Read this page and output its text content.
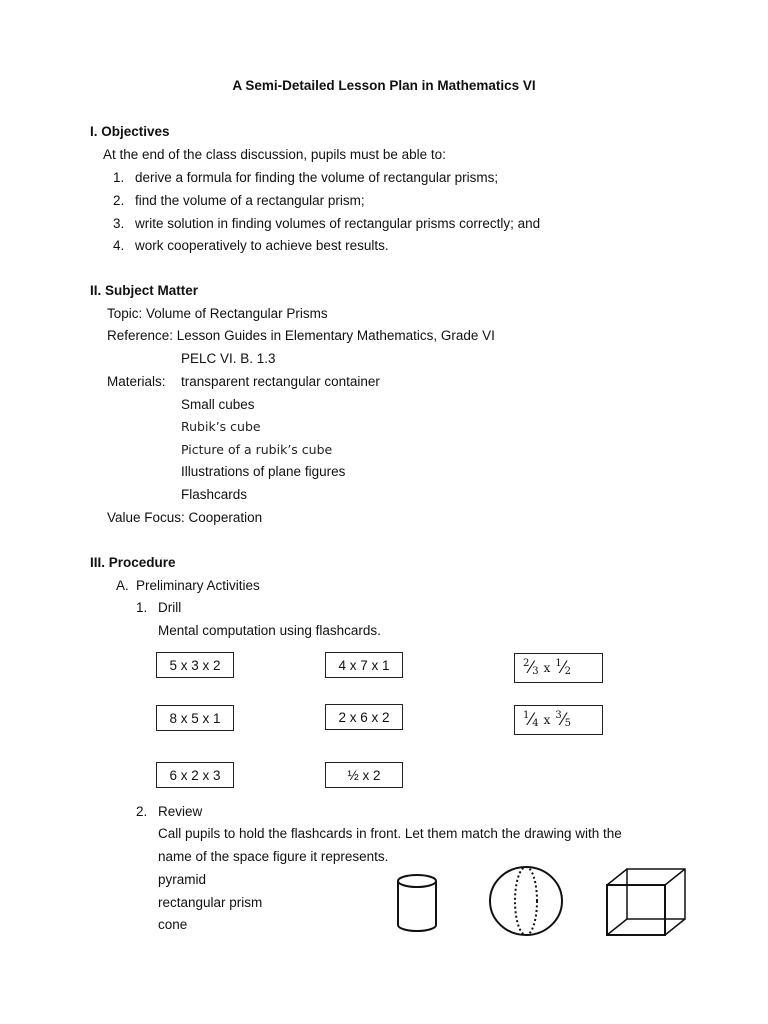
A Semi-Detailed Lesson Plan in Mathematics VI
I. Objectives
At the end of the class discussion, pupils must be able to:
1. derive a formula for finding the volume of rectangular prisms;
2. find the volume of a rectangular prism;
3. write solution in finding volumes of rectangular prisms correctly; and
4. work cooperatively to achieve best results.
II. Subject Matter
Topic: Volume of Rectangular Prisms
Reference: Lesson Guides in Elementary Mathematics, Grade VI
PELC VI. B. 1.3
Materials: transparent rectangular container
Small cubes
Rubik’s cube
Picture of a rubik’s cube
Illustrations of plane figures
Flashcards
Value Focus: Cooperation
III. Procedure
A. Preliminary Activities
1. Drill
Mental computation using flashcards.
5 x 3 x 2	4 x 7 x 1	2 ⁄ 3 x 1 ⁄ 2
8 x 5 x 1	2 x 6 x 2	1 ⁄ 4 x 3 ⁄ 5
6 x 2 x 3	½ x 2
2. Review
Call pupils to hold the flashcards in front. Let them match the drawing with the
name of the space figure it represents.
pyramid
rectangular prism
cone
